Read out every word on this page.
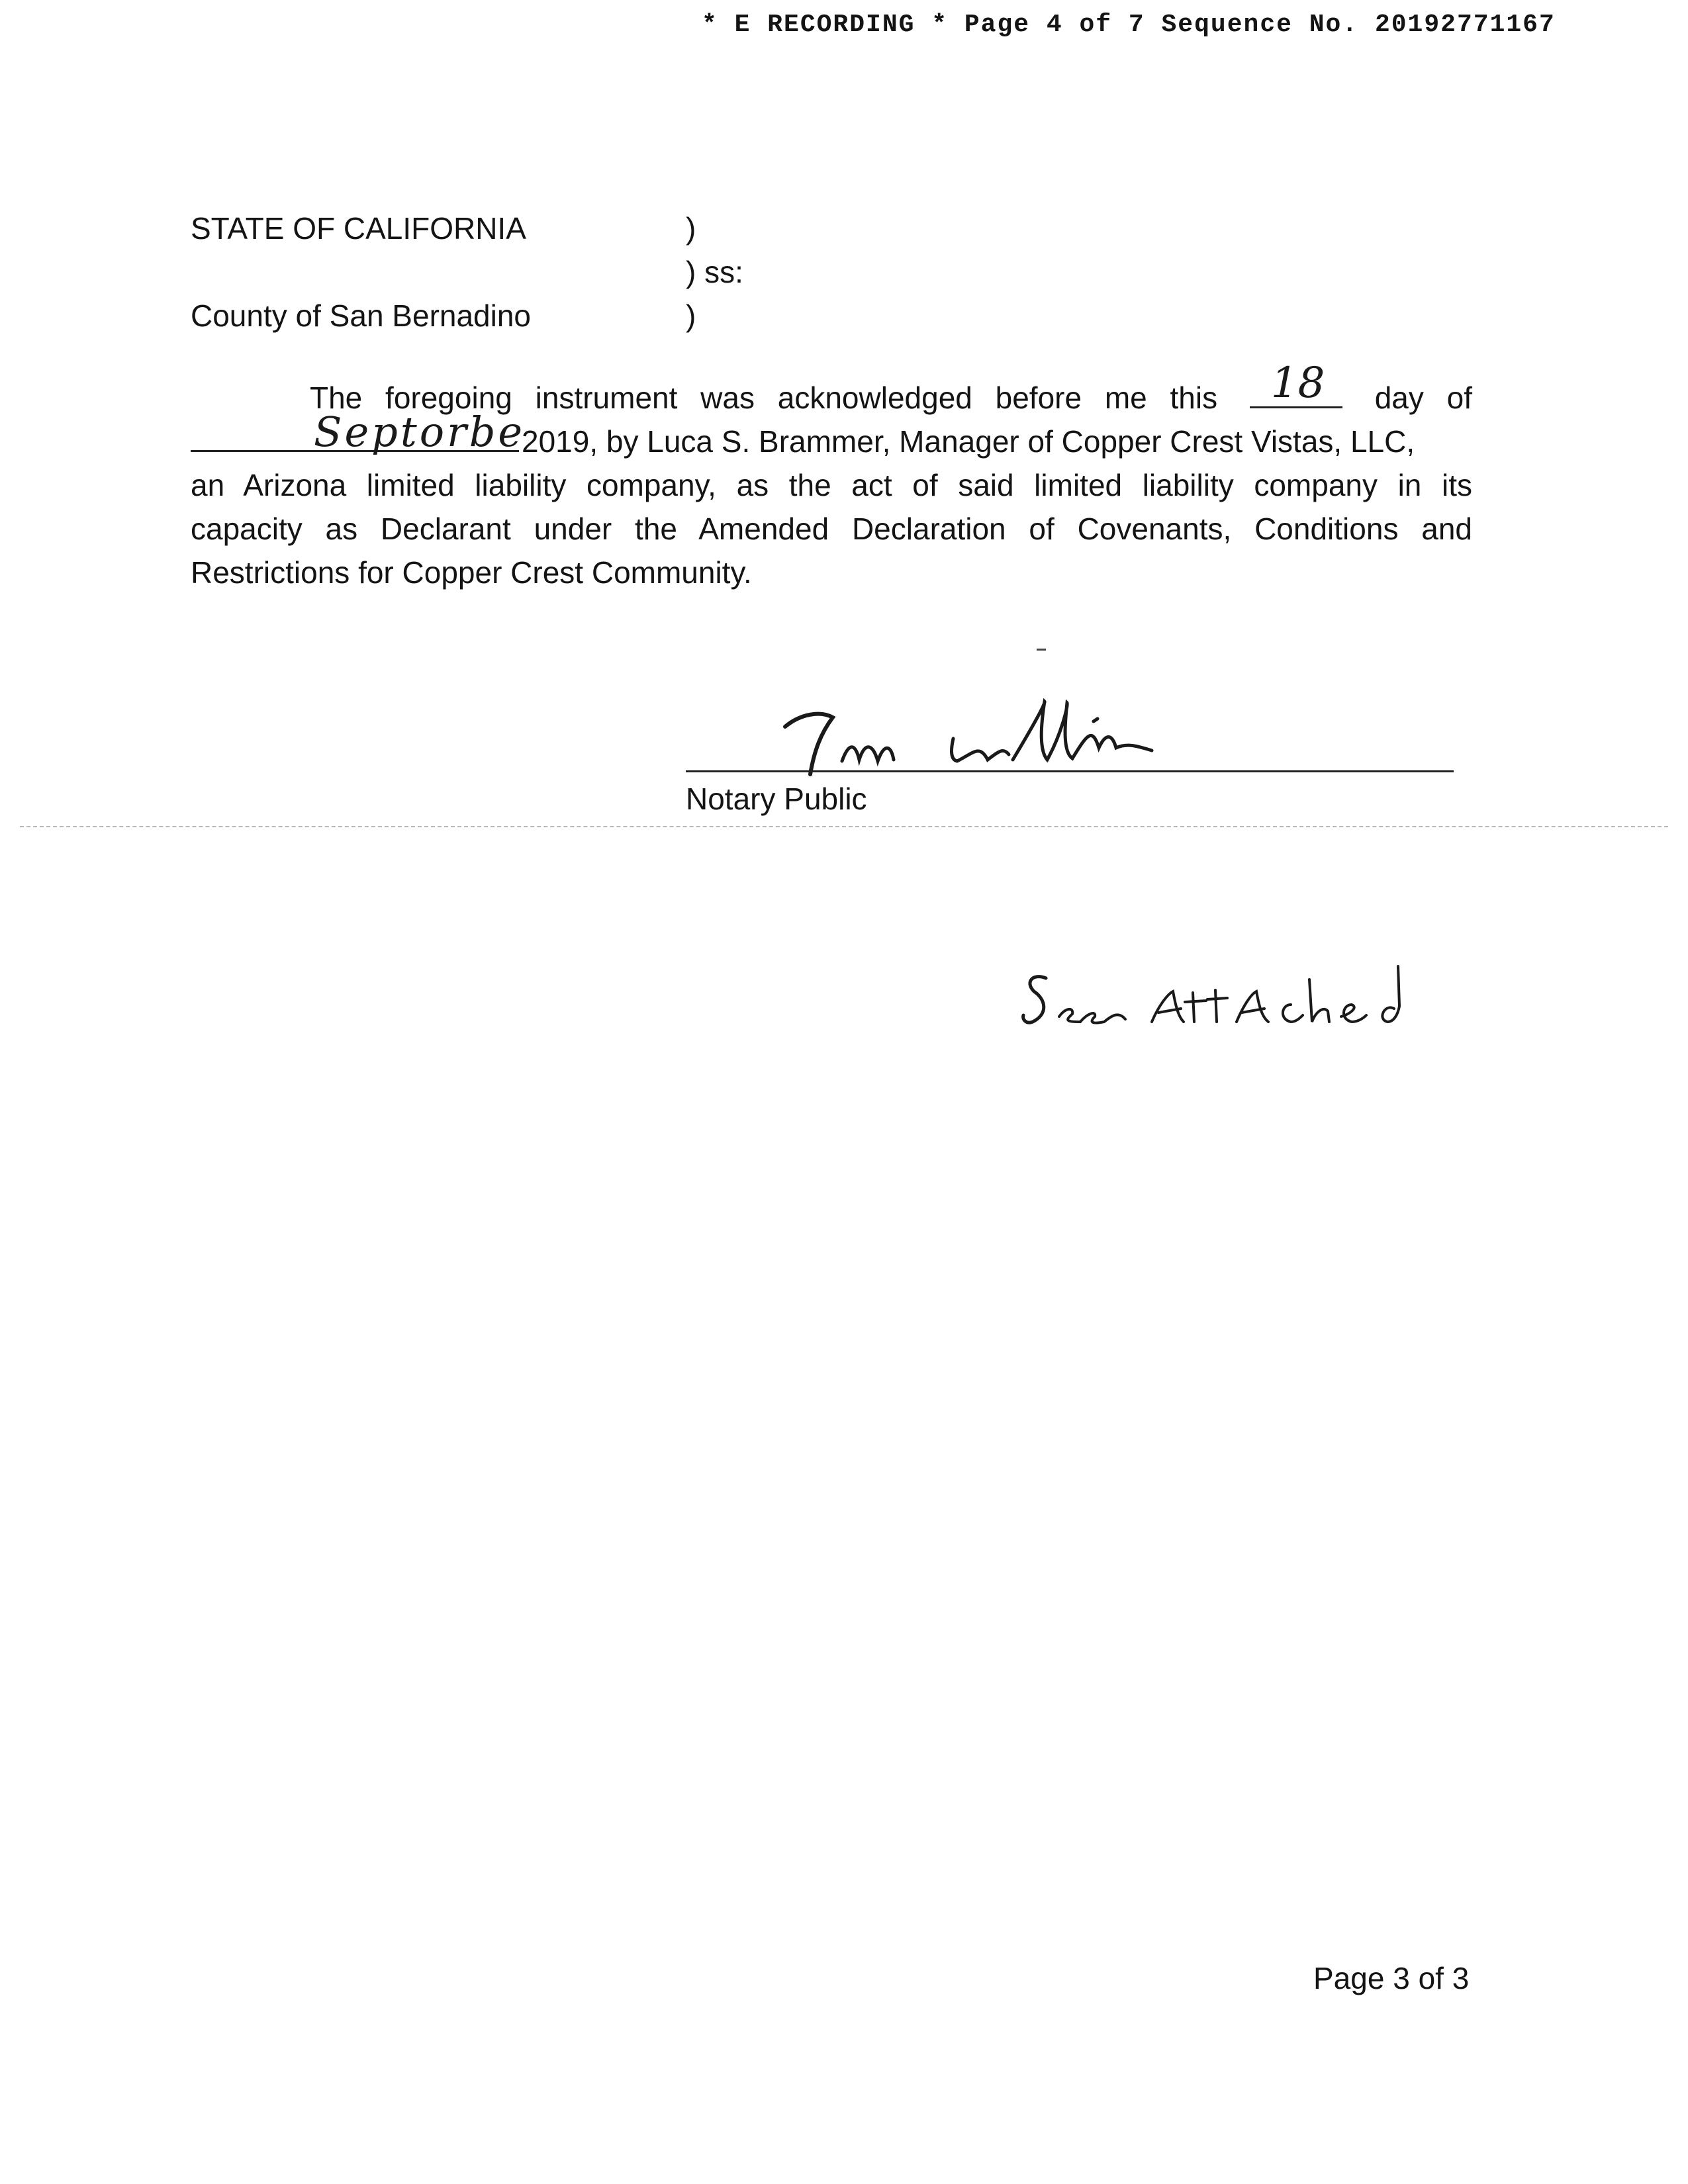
* E RECORDING * Page 4 of 7 Sequence No. 20192771167
STATE OF CALIFORNIA
County of San Bernadino
)
) ss:
)
The foregoing instrument was acknowledged before me this 18 day of
Septorbe
2019, by Luca S. Brammer, Manager of Copper Crest Vistas, LLC,
an Arizona limited liability company, as the act of said limited liability company in its
capacity as Declarant under the Amended Declaration of Covenants, Conditions and
Restrictions for Copper Crest Community.
Notary Public
Page 3 of 3
